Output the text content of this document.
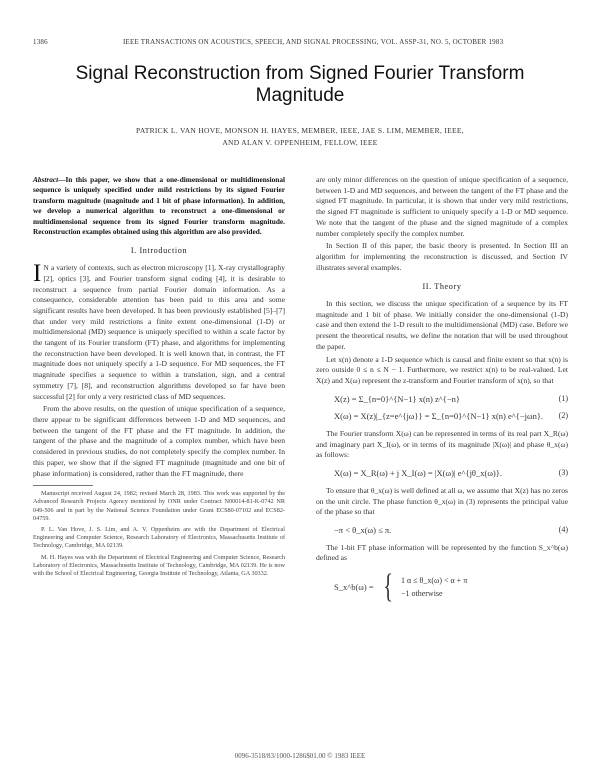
1386	IEEE TRANSACTIONS ON ACOUSTICS, SPEECH, AND SIGNAL PROCESSING, VOL. ASSP-31, NO. 5, OCTOBER 1983
Signal Reconstruction from Signed Fourier Transform Magnitude
PATRICK L. VAN HOVE, MONSON H. HAYES, MEMBER, IEEE, JAE S. LIM, MEMBER, IEEE,
AND ALAN V. OPPENHEIM, FELLOW, IEEE
Abstract—In this paper, we show that a one-dimensional or multidimensional sequence is uniquely specified under mild restrictions by its signed Fourier transform magnitude (magnitude and 1 bit of phase information). In addition, we develop a numerical algorithm to reconstruct a one-dimensional or multidimensional sequence from its signed Fourier transform magnitude. Reconstruction examples obtained using this algorithm are also provided.
I. Introduction

I N a variety of contexts, such as electron microscopy [1], X-ray crystallography [2], optics [3], and Fourier transform signal coding [4], it is desirable to reconstruct a sequence from partial Fourier domain information. As a consequence, considerable attention has been paid to this area and some significant results have been developed. It has been previously established [5]–[7] that under very mild restrictions a finite extent one-dimensional (1-D) or multidimensional (MD) sequence is uniquely specified to within a scale factor by the tangent of its Fourier transform (FT) phase, and algorithms for implementing the reconstruction have been developed. It is well known that, in contrast, the FT magnitude does not uniquely specify a 1-D sequence. For MD sequences, the FT magnitude specifies a sequence to within a translation, sign, and a central symmetry [7], [8], and reconstruction algorithms developed so far have been successful [2] for only a very restricted class of MD sequences.

From the above results, on the question of unique specification of a sequence, there appear to be significant differences between 1-D and MD sequences, and between the tangent of the FT phase and the FT magnitude. In addition, the tangent of the phase and the magnitude of a complex number, which have been considered in previous studies, do not completely specify the complex number. In this paper, we show that if the signed FT magnitude (magnitude and one bit of phase information) is considered, rather than the FT magnitude, there

Manuscript received August 24, 1982; revised March 28, 1983. This work was supported by the Advanced Research Projects Agency monitored by ONR under Contract N00014-81-K-0742 NR 049-506 and in part by the National Science Foundation under Grant ECS80-07102 and ECS82-04759.

P. L. Van Hove, J. S. Lim, and A. V. Oppenheim are with the Department of Electrical Engineering and Computer Science, Research Laboratory of Electronics, Massachusetts Institute of Technology, Cambridge, MA 02139.

M. H. Hayes was with the Department of Electrical Engineering and Computer Science, Research Laboratory of Electronics, Massachusetts Institute of Technology, Cambridge, MA 02139. He is now with the School of Electrical Engineering, Georgia Institute of Technology, Atlanta, GA 30332.

are only minor differences on the question of unique specification of a sequence, between 1-D and MD sequences, and between the tangent of the FT phase and the signed FT magnitude. In particular, it is shown that under very mild restrictions, the signed FT magnitude is sufficient to uniquely specify a 1-D or MD sequence. We note that the tangent of the phase and the signed magnitude of a complex number completely specify the complex number.

In Section II of this paper, the basic theory is presented. In Section III an algorithm for implementing the reconstruction is discussed, and Section IV illustrates several examples.

II. Theory

In this section, we discuss the unique specification of a sequence by its FT magnitude and 1 bit of phase. We initially consider the one-dimensional (1-D) case and then extend the 1-D result to the multidimensional (MD) case. Before we present the theoretical results, we define the notation that will be used throughout the paper.

Let x(n) denote a 1-D sequence which is causal and finite extent so that x(n) is zero outside 0 ≤ n ≤ N − 1. Furthermore, we restrict x(n) to be real-valued. Let X(z) and X(ω) represent the z-transform and Fourier transform of x(n), so that

X(z) = Σ_{n=0}^{N−1} x(n) z^{−n}	(1)
X(ω) = X(z)|_{z=e^{jω}} = Σ_{n=0}^{N−1} x(n) e^{−jωn}. (2)

The Fourier transform X(ω) can be represented in terms of its real part X_R(ω) and imaginary part X_I(ω), or in terms of its magnitude |X(ω)| and phase θ_x(ω) as follows:

X(ω) = X_R(ω) + j X_I(ω) = |X(ω)| e^{jθ_x(ω)}.	(3)

To ensure that θ_x(ω) is well defined at all ω, we assume that X(z) has no zeros on the unit circle. The phase function θ_x(ω) in (3) represents the principal value of the phase so that

−π < θ_x(ω) ≤ π.	(4)

The 1-bit FT phase information will be represented by the function S_x^b(ω) defined as

S_x^b(ω) = { 1 α ≤ θ_x(ω) < α + π
−1 otherwise
0096-3518/83/1000-1286$01.00 © 1983 IEEE
